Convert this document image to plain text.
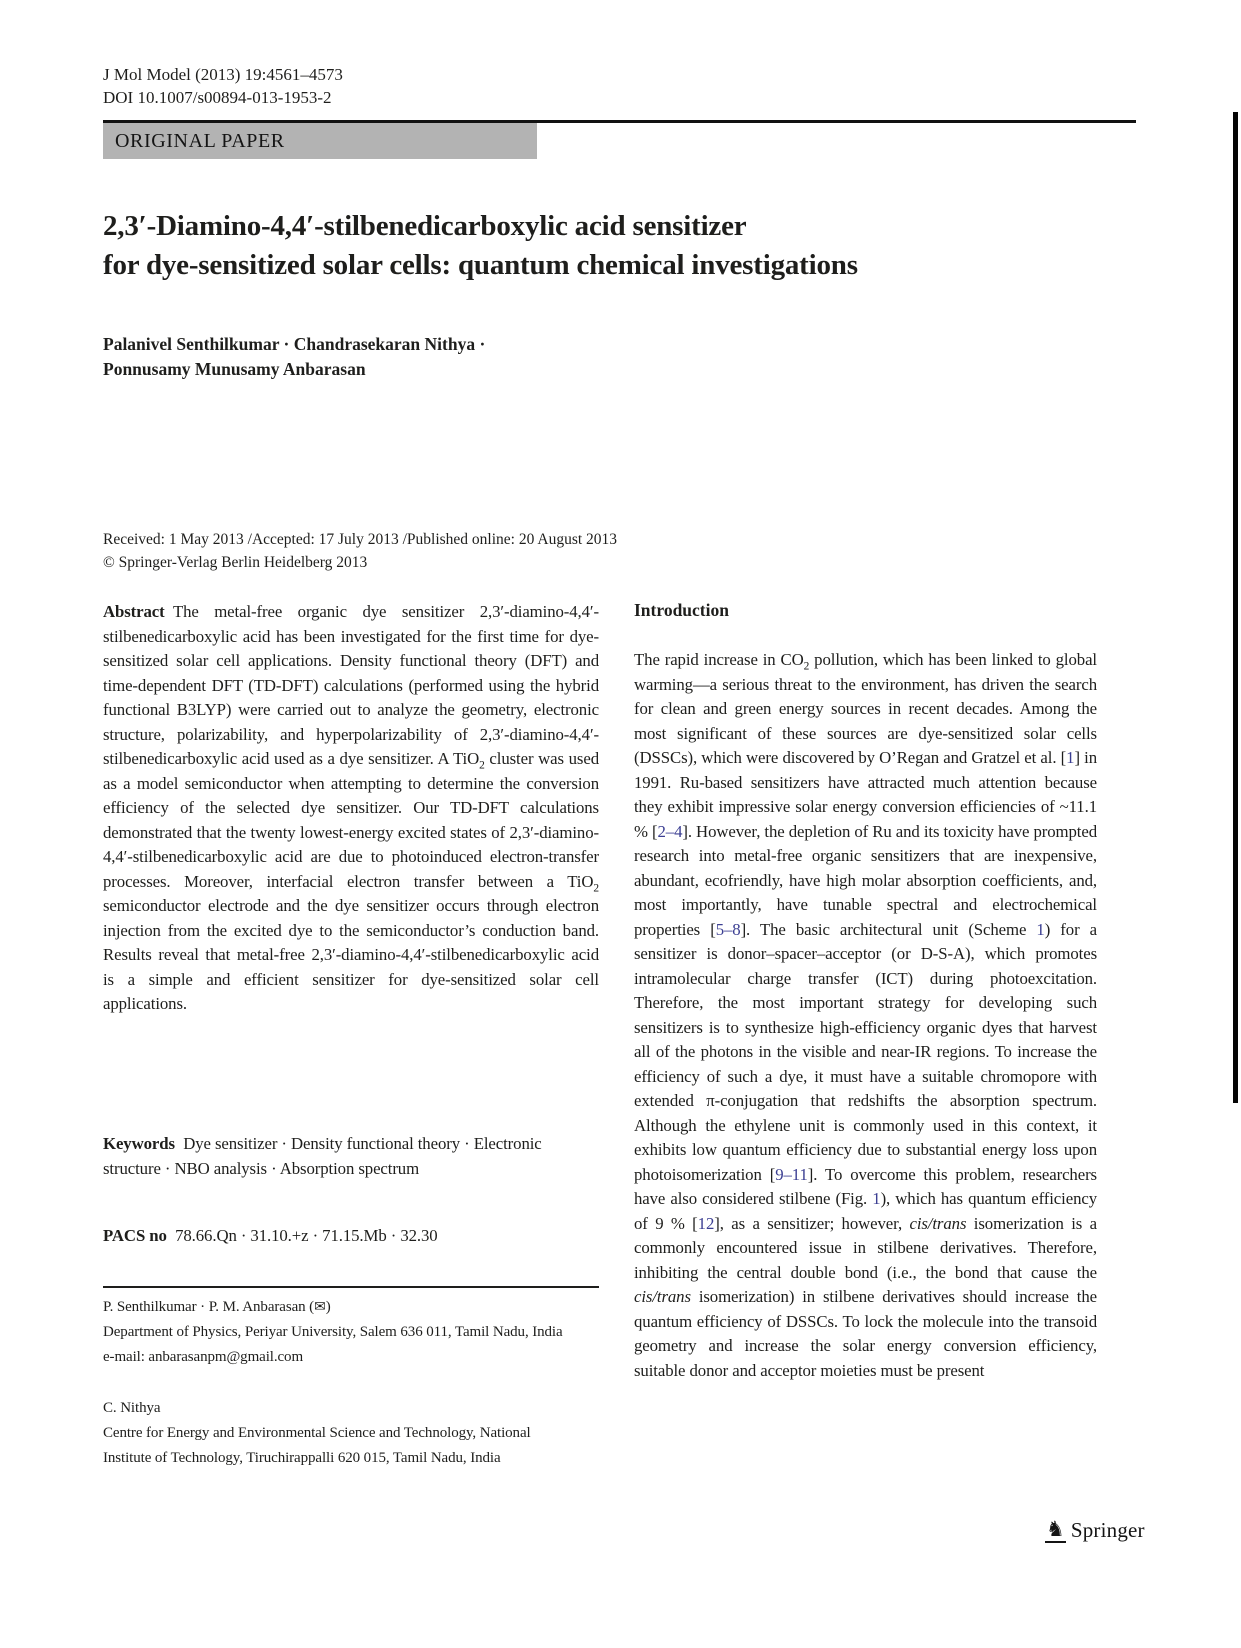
J Mol Model (2013) 19:4561–4573
DOI 10.1007/s00894-013-1953-2
ORIGINAL PAPER
2,3′-Diamino-4,4′-stilbenedicarboxylic acid sensitizer
for dye-sensitized solar cells: quantum chemical investigations
Palanivel Senthilkumar · Chandrasekaran Nithya ·
Ponnusamy Munusamy Anbarasan
Received: 1 May 2013 /Accepted: 17 July 2013 /Published online: 20 August 2013
© Springer-Verlag Berlin Heidelberg 2013

Abstract The metal-free organic dye sensitizer 2,3′-diamino-4,4′-stilbenedicarboxylic acid has been investigated for the first time for dye-sensitized solar cell applications. Density functional theory (DFT) and time-dependent DFT (TD-DFT) calculations (performed using the hybrid functional B3LYP) were carried out to analyze the geometry, electronic structure, polarizability, and hyperpolarizability of 2,3′-diamino-4,4′-stilbenedicarboxylic acid used as a dye sensitizer. A TiO$_2$ cluster was used as a model semiconductor when attempting to determine the conversion efficiency of the selected dye sensitizer. Our TD-DFT calculations demonstrated that the twenty lowest-energy excited states of 2,3′-diamino-4,4′-stilbenedicarboxylic acid are due to photoinduced electron-transfer processes. Moreover, interfacial electron transfer between a TiO$_2$ semiconductor electrode and the dye sensitizer occurs through electron injection from the excited dye to the semiconductor’s conduction band. Results reveal that metal-free 2,3′-diamino-4,4′-stilbenedicarboxylic acid is a simple and efficient sensitizer for dye-sensitized solar cell applications.

Keywords Dye sensitizer · Density functional theory · Electronic structure · NBO analysis · Absorption spectrum

PACS no 78.66.Qn · 31.10.+z · 71.15.Mb · 32.30

P. Senthilkumar · P. M. Anbarasan (✉)
Department of Physics, Periyar University, Salem 636 011, Tamil Nadu, India
e-mail: anbarasanpm@gmail.com
C. Nithya
Centre for Energy and Environmental Science and Technology, National Institute of Technology, Tiruchirappalli 620 015, Tamil Nadu, India
Introduction

The rapid increase in $CO_2$ pollution, which has been linked to global warming—a serious threat to the environment, has driven the search for clean and green energy sources in recent decades. Among the most significant of these sources are dye-sensitized solar cells (DSSCs), which were discovered by O’Regan and Gratzel et al. [1] in 1991. Ru-based sensitizers have attracted much attention because they exhibit impressive solar energy conversion efficiencies of ~11.1 % [2–4]. However, the depletion of Ru and its toxicity have prompted research into metal-free organic sensitizers that are inexpensive, abundant, ecofriendly, have high molar absorption coefficients, and, most importantly, have tunable spectral and electrochemical properties [5–8]. The basic architectural unit (Scheme 1) for a sensitizer is donor–spacer–acceptor (or D-S-A), which promotes intramolecular charge transfer (ICT) during photoexcitation. Therefore, the most important strategy for developing such sensitizers is to synthesize high-efficiency organic dyes that harvest all of the photons in the visible and near-IR regions. To increase the efficiency of such a dye, it must have a suitable chromopore with extended π-conjugation that redshifts the absorption spectrum. Although the ethylene unit is commonly used in this context, it exhibits low quantum efficiency due to substantial energy loss upon photoisomerization [9–11]. To overcome this problem, researchers have also considered stilbene (Fig. 1), which has quantum efficiency of 9 % [12], as a sensitizer; however, cis/trans isomerization is a commonly encountered issue in stilbene derivatives. Therefore, inhibiting the central double bond (i.e., the bond that cause the cis/trans isomerization) in stilbene derivatives should increase the quantum efficiency of DSSCs. To lock the molecule into the transoid geometry and increase the solar energy conversion efficiency, suitable donor and acceptor moieties must be present

♞ Springer
